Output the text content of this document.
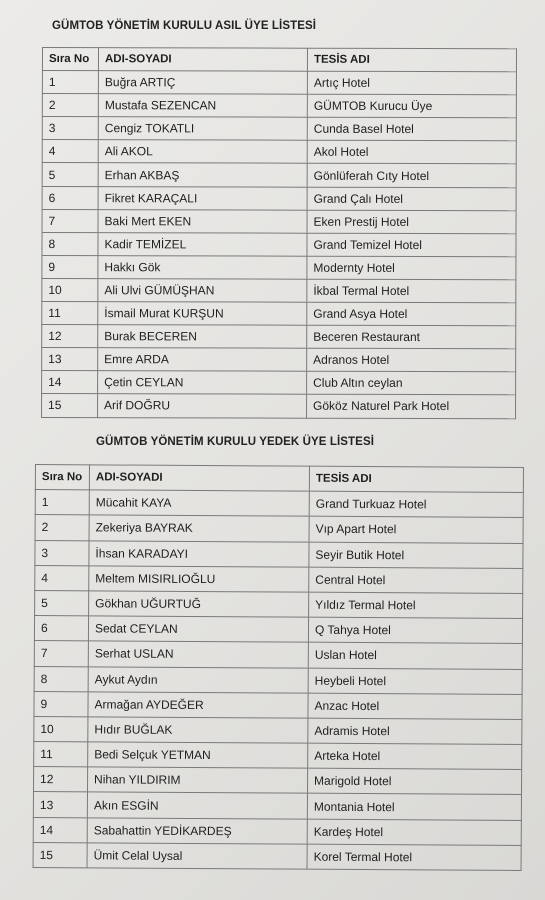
GÜMTOB YÖNETİM KURULU ASIL ÜYE LİSTESİ
Sıra No	ADI-SOYADI	TESİS ADI
1	Buğra ARTIÇ	Artıç Hotel
2	Mustafa SEZENCAN	GÜMTOB Kurucu Üye
3	Cengiz TOKATLI	Cunda Basel Hotel
4	Ali AKOL	Akol Hotel
5	Erhan AKBAŞ	Gönlüferah Cıty Hotel
6	Fikret KARAÇALI	Grand Çalı Hotel
7	Baki Mert EKEN	Eken Prestij Hotel
8	Kadir TEMİZEL	Grand Temizel Hotel
9	Hakkı Gök	Modernty Hotel
10	Ali Ulvi GÜMÜŞHAN	İkbal Termal Hotel
11	İsmail Murat KURŞUN	Grand Asya Hotel
12	Burak BECEREN	Beceren Restaurant
13	Emre ARDA	Adranos Hotel
14	Çetin CEYLAN	Club Altın ceylan
15	Arif DOĞRU	Gököz Naturel Park Hotel
GÜMTOB YÖNETİM KURULU YEDEK ÜYE LİSTESİ
Sıra No	ADI-SOYADI	TESİS ADI
1	Mücahit KAYA	Grand Turkuaz Hotel
2	Zekeriya BAYRAK	Vıp Apart Hotel
3	İhsan KARADAYI	Seyir Butik Hotel
4	Meltem MISIRLIOĞLU	Central Hotel
5	Gökhan UĞURTUĞ	Yıldız Termal Hotel
6	Sedat CEYLAN	Q Tahya Hotel
7	Serhat USLAN	Uslan Hotel
8	Aykut Aydın	Heybeli Hotel
9	Armağan AYDEĞER	Anzac Hotel
10	Hıdır BUĞLAK	Adramis Hotel
11	Bedi Selçuk YETMAN	Arteka Hotel
12	Nihan YILDIRIM	Marigold Hotel
13	Akın ESGİN	Montania Hotel
14	Sabahattin YEDİKARDEŞ	Kardeş Hotel
15	Ümit Celal Uysal	Korel Termal Hotel
